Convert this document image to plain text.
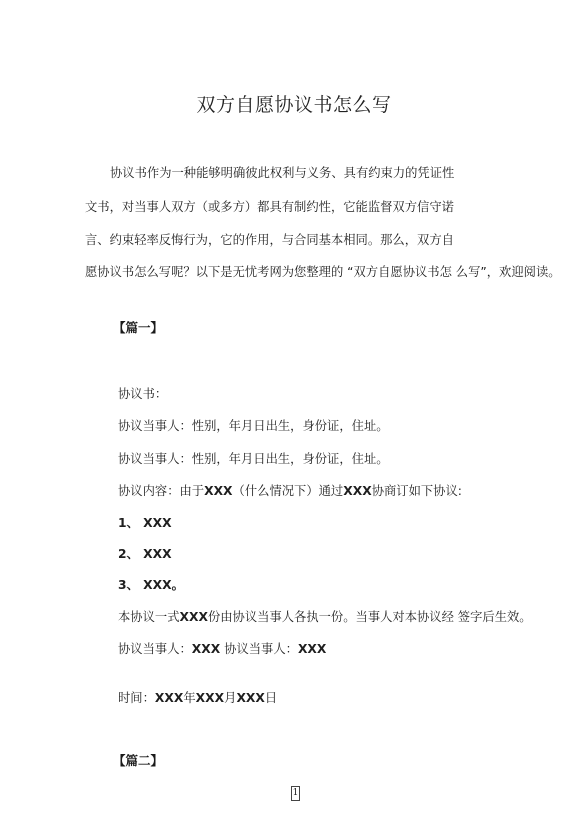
双方自愿协议书怎么写
协议书作为一种能够明确彼此权利与义务、具有约束力的凭证性
文书，对当事人双方（或多方）都具有制约性，它能监督双方信守诺
言、约束轻率反悔行为，它的作用，与合同基本相同。那么，双方自
愿协议书怎么写呢？以下是无忧考网为您整理的 “双方自愿协议书怎 么写”，欢迎阅读。
【篇一】
协议书：
协议当事人：性别，年月日出生，身份证，住址。
协议当事人：性别，年月日出生，身份证，住址。
协议内容：由于XXX（什么情况下）通过XXX协商订如下协议:
1、 XXX
2、 XXX
3、 XXX。
本协议一式XXX份由协议当事人各执一份。当事人对本协议经 签字后生效。
协议当事人：XXX 协议当事人：XXX
时间：XXX年XXX月XXX日
【篇二】
1
